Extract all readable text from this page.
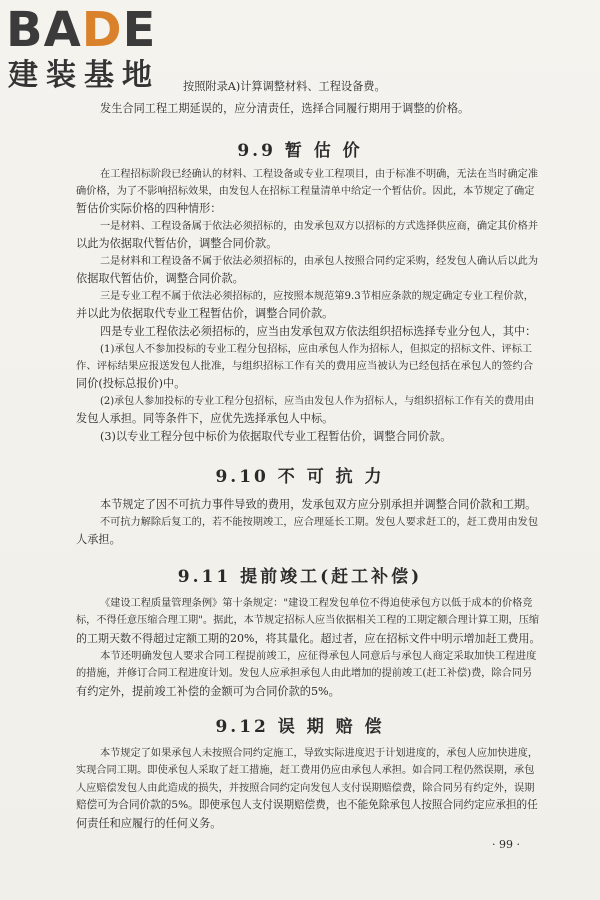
BADE
建装基地 按照附录A)计算调整材料、工程设备费。
发生合同工程工期延误的，应分清责任，选择合同履行期用于调整的价格。
9.9 暂 估 价
在工程招标阶段已经确认的材料、工程设备或专业工程项目，由于标准不明确，无法在当时确定准
确价格，为了不影响招标效果，由发包人在招标工程量清单中给定一个暂估价。因此，本节规定了确定
暂估价实际价格的四种情形：
一是材料、工程设备属于依法必须招标的，由发承包双方以招标的方式选择供应商，确定其价格并
以此为依据取代暂估价，调整合同价款。
二是材料和工程设备不属于依法必须招标的，由承包人按照合同约定采购，经发包人确认后以此为
依据取代暂估价，调整合同价款。
三是专业工程不属于依法必须招标的，应按照本规范第9.3节相应条款的规定确定专业工程价款，
并以此为依据取代专业工程暂估价，调整合同价款。
四是专业工程依法必须招标的，应当由发承包双方依法组织招标选择专业分包人，其中：
(1)承包人不参加投标的专业工程分包招标，应由承包人作为招标人，但拟定的招标文件、评标工
作、评标结果应报送发包人批准，与组织招标工作有关的费用应当被认为已经包括在承包人的签约合
同价(投标总报价)中。
(2)承包人参加投标的专业工程分包招标，应当由发包人作为招标人，与组织招标工作有关的费用由
发包人承担。同等条件下，应优先选择承包人中标。
(3)以专业工程分包中标价为依据取代专业工程暂估价，调整合同价款。
9.10 不 可 抗 力
本节规定了因不可抗力事件导致的费用，发承包双方应分别承担并调整合同价款和工期。
不可抗力解除后复工的，若不能按期竣工，应合理延长工期。发包人要求赶工的，赶工费用由发包
人承担。
9.11 提前竣工(赶工补偿)
《建设工程质量管理条例》第十条规定："建设工程发包单位不得迫使承包方以低于成本的价格竞
标，不得任意压缩合理工期"。据此，本节规定招标人应当依据相关工程的工期定额合理计算工期，压缩
的工期天数不得超过定额工期的20%，将其量化。超过者，应在招标文件中明示增加赶工费用。
本节还明确发包人要求合同工程提前竣工，应征得承包人同意后与承包人商定采取加快工程进度
的措施，并修订合同工程进度计划。发包人应承担承包人由此增加的提前竣工(赶工补偿)费，除合同另
有约定外，提前竣工补偿的金额可为合同价款的5%。
9.12 误 期 赔 偿
本节规定了如果承包人未按照合同约定施工，导致实际进度迟于计划进度的，承包人应加快进度，
实现合同工期。即使承包人采取了赶工措施，赶工费用仍应由承包人承担。如合同工程仍然误期，承包
人应赔偿发包人由此造成的损失，并按照合同约定向发包人支付误期赔偿费，除合同另有约定外，误期
赔偿可为合同价款的5%。即使承包人支付误期赔偿费，也不能免除承包人按照合同约定应承担的任
何责任和应履行的任何义务。
· 99 ·
